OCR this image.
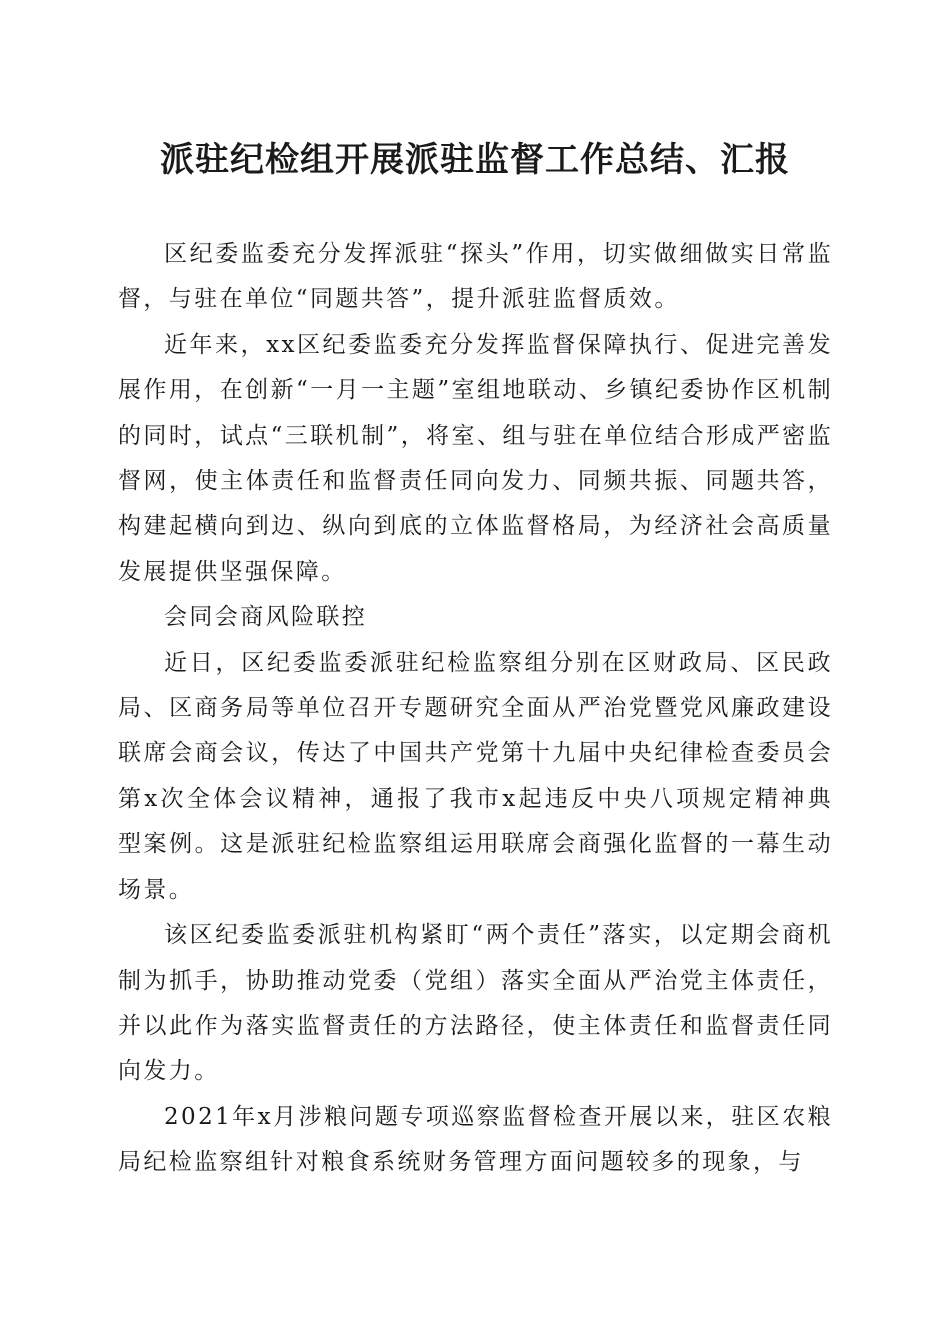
派驻纪检组开展派驻监督工作总结、汇报

区纪委监委充分发挥派驻“探头”作用，切实做细做实日常监督，与驻在单位“同题共答”，提升派驻监督质效。

近年来，xx区纪委监委充分发挥监督保障执行、促进完善发展作用，在创新“一月一主题”室组地联动、乡镇纪委协作区机制的同时，试点“三联机制”，将室、组与驻在单位结合形成严密监督网，使主体责任和监督责任同向发力、同频共振、同题共答，构建起横向到边、纵向到底的立体监督格局，为经济社会高质量发展提供坚强保障。

会同会商风险联控

近日，区纪委监委派驻纪检监察组分别在区财政局、区民政局、区商务局等单位召开专题研究全面从严治党暨党风廉政建设联席会商会议，传达了中国共产党第十九届中央纪律检查委员会第x次全体会议精神，通报了我市x起违反中央八项规定精神典型案例。这是派驻纪检监察组运用联席会商强化监督的一幕生动场景。

该区纪委监委派驻机构紧盯“两个责任”落实，以定期会商机制为抓手，协助推动党委（党组）落实全面从严治党主体责任，并以此作为落实监督责任的方法路径，使主体责任和监督责任同向发力。

2021年x月涉粮问题专项巡察监督检查开展以来，驻区农粮局纪检监察组针对粮食系统财务管理方面问题较多的现象，与
